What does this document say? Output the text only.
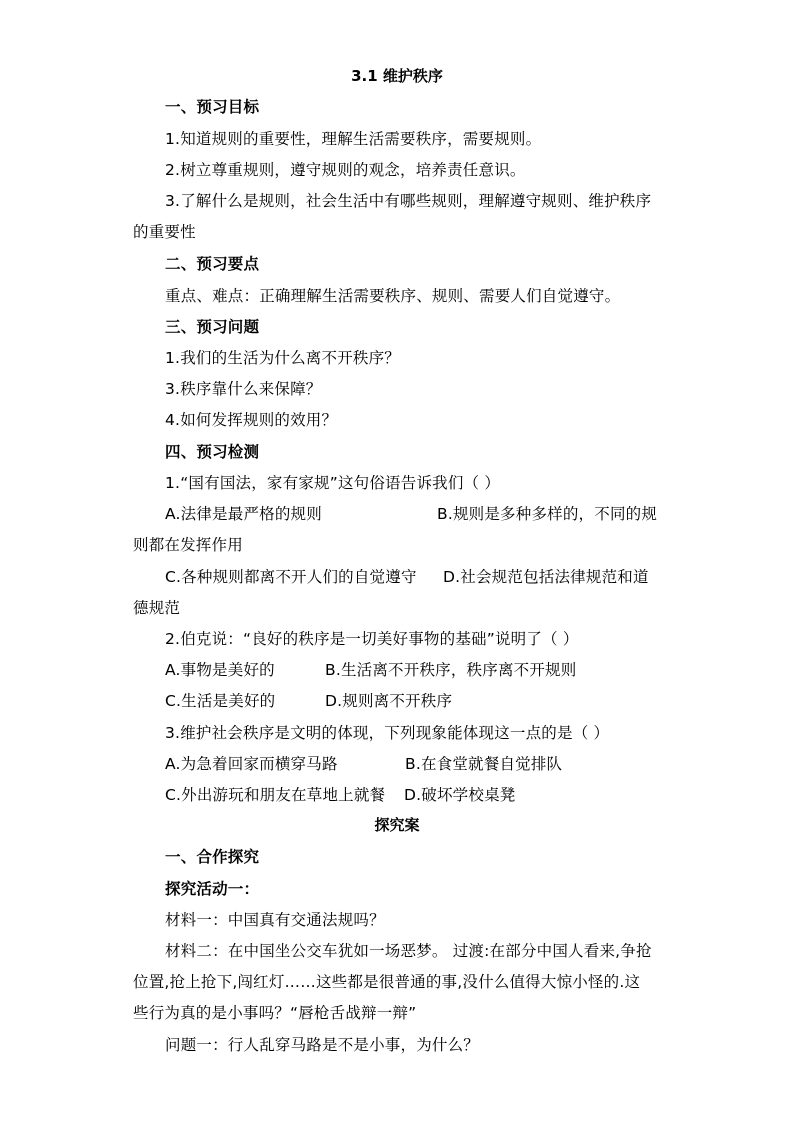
3.1 维护秩序
一、预习目标
1.知道规则的重要性，理解生活需要秩序，需要规则。
2.树立尊重规则，遵守规则的观念，培养责任意识。
3.了解什么是规则，社会生活中有哪些规则，理解遵守规则、维护秩序
的重要性
二、预习要点
重点、难点：正确理解生活需要秩序、规则、需要人们自觉遵守。
三、预习问题
1.我们的生活为什么离不开秩序？
3.秩序靠什么来保障？
4.如何发挥规则的效用？
四、预习检测
1.“国有国法，家有家规”这句俗语告诉我们（ ）
A.法律是最严格的规则	B.规则是多种多样的，不同的规
则都在发挥作用
C.各种规则都离不开人们的自觉遵守 D.社会规范包括法律规范和道
德规范
2.伯克说：“良好的秩序是一切美好事物的基础”说明了（ ）
A.事物是美好的	B.生活离不开秩序，秩序离不开规则
C.生活是美好的	D.规则离不开秩序
3.维护社会秩序是文明的体现，下列现象能体现这一点的是（ ）
A.为急着回家而横穿马路	B.在食堂就餐自觉排队
C.外出游玩和朋友在草地上就餐 D.破坏学校桌凳
探究案
一、合作探究
探究活动一：
材料一：中国真有交通法规吗？
材料二：在中国坐公交车犹如一场恶梦。 过渡:在部分中国人看来,争抢
位置,抢上抢下,闯红灯……这些都是很普通的事,没什么值得大惊小怪的.这
些行为真的是小事吗？“唇枪舌战辩一辩”
问题一：行人乱穿马路是不是小事，为什么？
